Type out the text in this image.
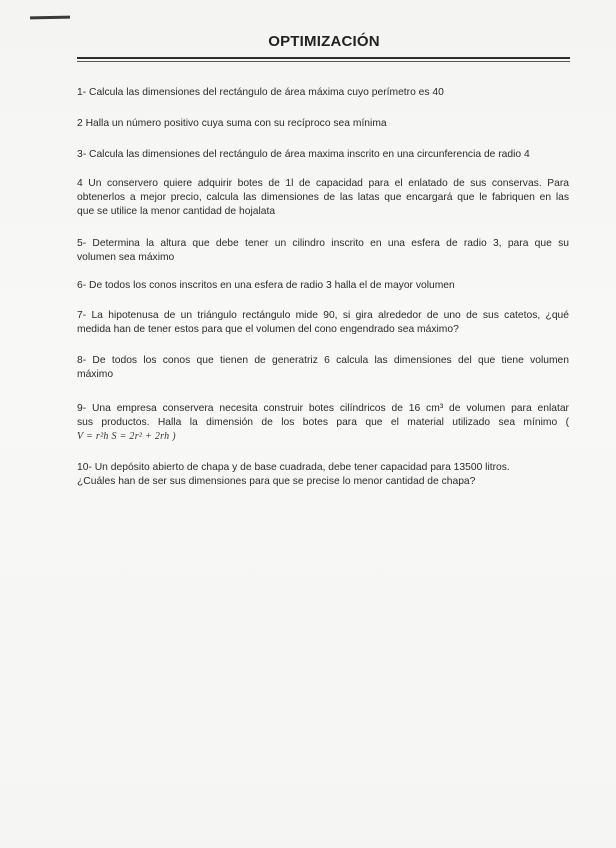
OPTIMIZACIÓN
1- Calcula las dimensiones del rectángulo de área máxima cuyo perímetro es 40
2 Halla un número positivo cuya suma con su recíproco sea mínima
3- Calcula las dimensiones del rectángulo de área maxima inscrito en una circunferencia de radio 4
4 Un conservero quiere adquirir botes de 1l de capacidad para el enlatado de sus conservas. Para
obtenerlos a mejor precio, calcula las dimensiones de las latas que encargará que le fabriquen en las
que se utilice la menor cantidad de hojalata
5- Determina la altura que debe tener un cilindro inscrito en una esfera de radio 3, para que su
volumen sea máximo
6- De todos los conos inscritos en una esfera de radio 3 halla el de mayor volumen
7- La hipotenusa de un triángulo rectángulo mide 90, si gira alrededor de uno de sus catetos, ¿qué
medida han de tener estos para que el volumen del cono engendrado sea máximo?
8- De todos los conos que tienen de generatriz 6 calcula las dimensiones del que tiene volumen
máximo
9- Una empresa conservera necesita construir botes cilíndricos de 16 cm³ de volumen para enlatar
sus productos. Halla la dimensión de los botes para que el material utilizado sea mínimo (
V = r²h S = 2r² + 2rh )
10- Un depósito abierto de chapa y de base cuadrada, debe tener capacidad para 13500 litros.
¿Cuáles han de ser sus dimensiones para que se precise lo menor cantidad de chapa?
